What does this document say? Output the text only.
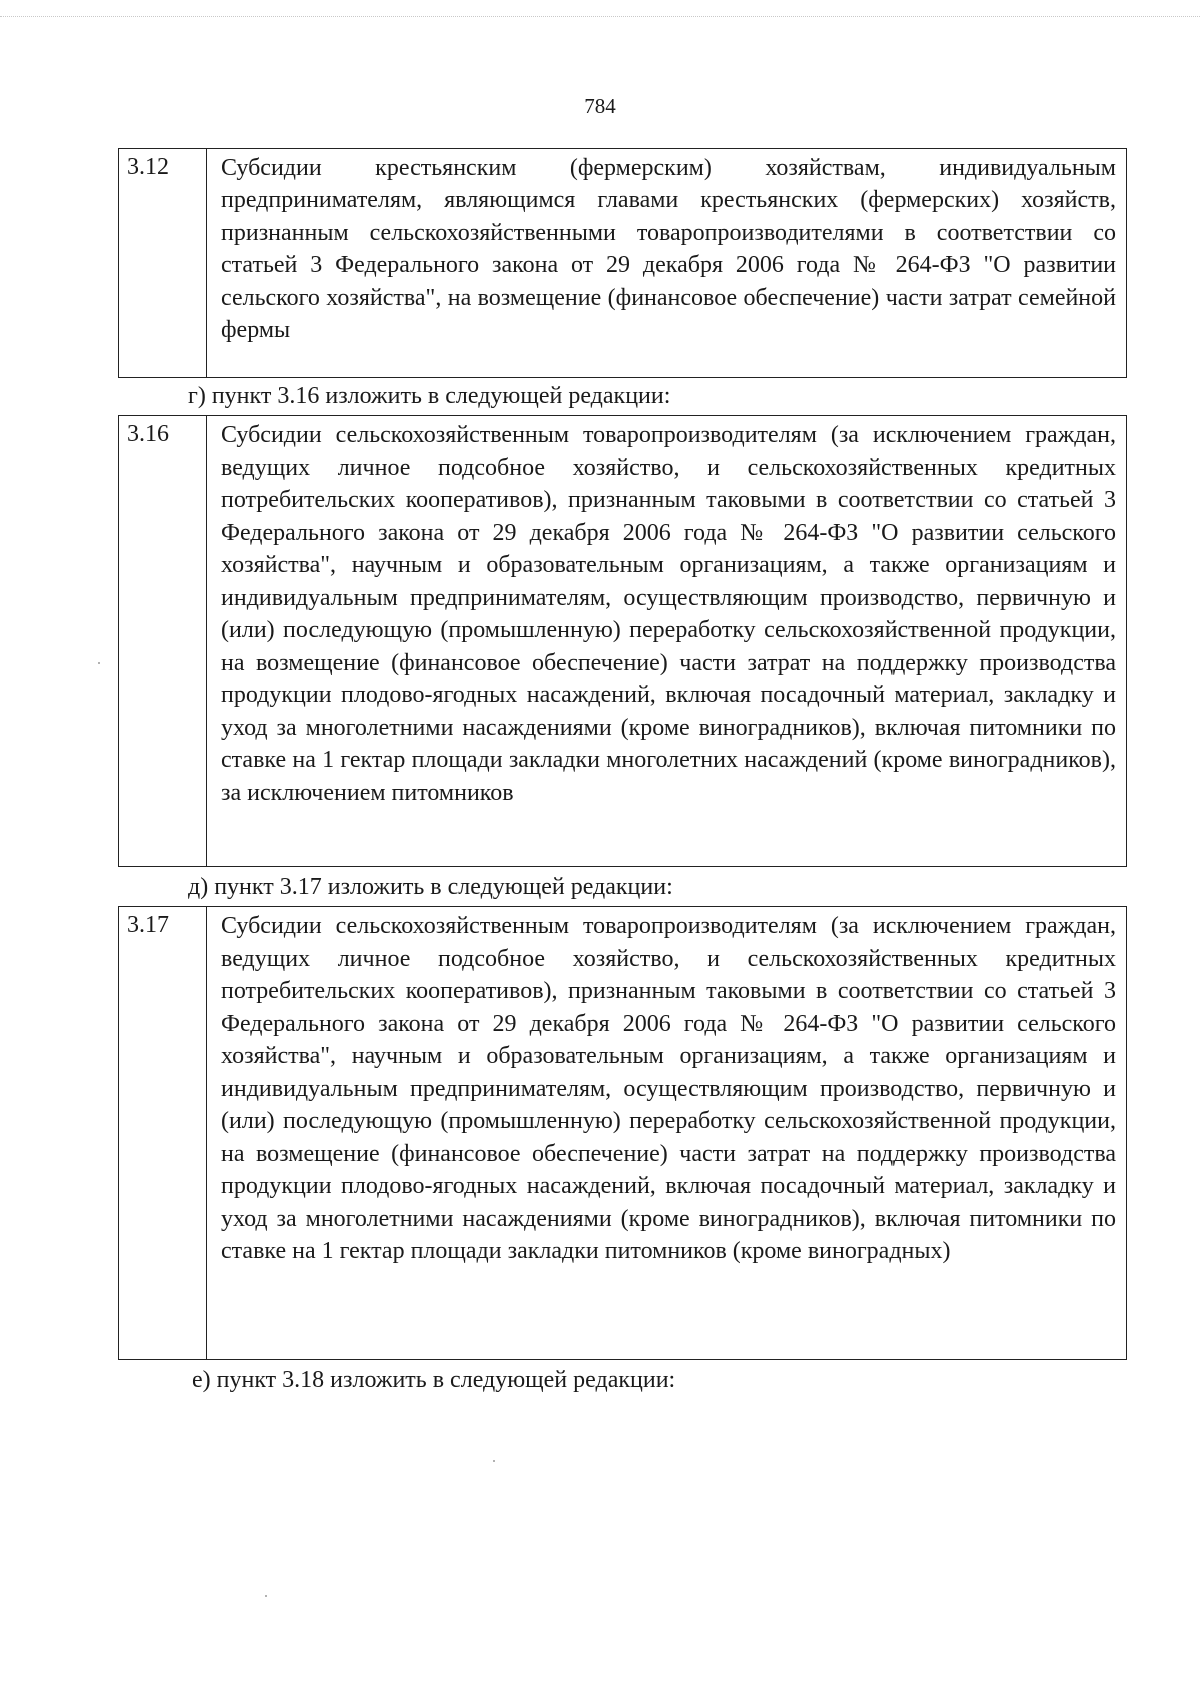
784
3.12	Субсидии крестьянским (фермерским) хозяйствам, индивидуальным предпринимателям, являющимся главами крестьянских (фермерских) хозяйств, признанным сельскохозяйственными товаропроизводителями в соответствии со статьей 3 Федерального закона от 29 декабря 2006 года № 264-ФЗ "О развитии сельского хозяйства", на возмещение (финансовое обеспечение) части затрат семейной фермы
г) пункт 3.16 изложить в следующей редакции:
3.16	Субсидии сельскохозяйственным товаропроизводителям (за исключением граждан, ведущих личное подсобное хозяйство, и сельскохозяйственных кредитных потребительских кооперативов), признанным таковыми в соответствии со статьей 3 Федерального закона от 29 декабря 2006 года № 264-ФЗ "О развитии сельского хозяйства", научным и образовательным организациям, а также организациям и индивидуальным предпринимателям, осуществляющим производство, первичную и (или) последующую (промышленную) переработку сельскохозяйственной продукции, на возмещение (финансовое обеспечение) части затрат на поддержку производства продукции плодово-ягодных насаждений, включая посадочный материал, закладку и уход за многолетними насаждениями (кроме виноградников), включая питомники по ставке на 1 гектар площади закладки многолетних насаждений (кроме виноградников), за исключением питомников
д) пункт 3.17 изложить в следующей редакции:
3.17	Субсидии сельскохозяйственным товаропроизводителям (за исключением граждан, ведущих личное подсобное хозяйство, и сельскохозяйственных кредитных потребительских кооперативов), признанным таковыми в соответствии со статьей 3 Федерального закона от 29 декабря 2006 года № 264-ФЗ "О развитии сельского хозяйства", научным и образовательным организациям, а также организациям и индивидуальным предпринимателям, осуществляющим производство, первичную и (или) последующую (промышленную) переработку сельскохозяйственной продукции, на возмещение (финансовое обеспечение) части затрат на поддержку производства продукции плодово-ягодных насаждений, включая посадочный материал, закладку и уход за многолетними насаждениями (кроме виноградников), включая питомники по ставке на 1 гектар площади закладки питомников (кроме виноградных)
е) пункт 3.18 изложить в следующей редакции:
